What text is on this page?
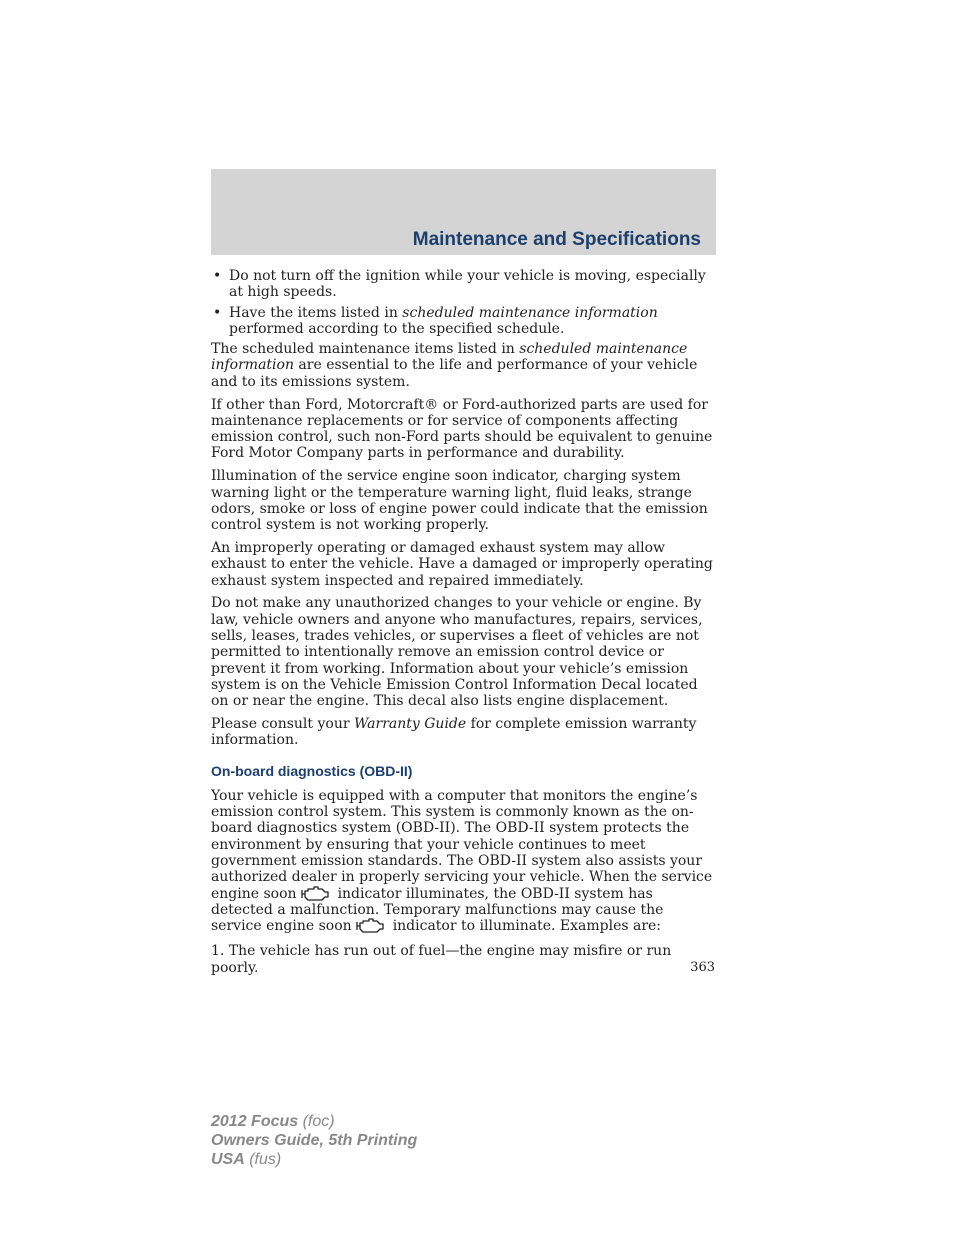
Maintenance and Specifications
• Do not turn off the ignition while your vehicle is moving, especially at high speeds.
• Have the items listed in scheduled maintenance information performed according to the specified schedule.

The scheduled maintenance items listed in scheduled maintenance information are essential to the life and performance of your vehicle and to its emissions system.

If other than Ford, Motorcraft® or Ford-authorized parts are used for maintenance replacements or for service of components affecting emission control, such non-Ford parts should be equivalent to genuine Ford Motor Company parts in performance and durability.

Illumination of the service engine soon indicator, charging system warning light or the temperature warning light, fluid leaks, strange odors, smoke or loss of engine power could indicate that the emission control system is not working properly.

An improperly operating or damaged exhaust system may allow exhaust to enter the vehicle. Have a damaged or improperly operating exhaust system inspected and repaired immediately.

Do not make any unauthorized changes to your vehicle or engine. By law, vehicle owners and anyone who manufactures, repairs, services, sells, leases, trades vehicles, or supervises a fleet of vehicles are not permitted to intentionally remove an emission control device or prevent it from working. Information about your vehicle’s emission system is on the Vehicle Emission Control Information Decal located on or near the engine. This decal also lists engine displacement.

Please consult your Warranty Guide for complete emission warranty information.

On-board diagnostics (OBD-II)

Your vehicle is equipped with a computer that monitors the engine’s emission control system. This system is commonly known as the on-board diagnostics system (OBD-II). The OBD-II system protects the environment by ensuring that your vehicle continues to meet government emission standards. The OBD-II system also assists your authorized dealer in properly servicing your vehicle. When the service engine soon	indicator illuminates, the OBD-II system has detected a malfunction. Temporary malfunctions may cause the service engine soon	indicator to illuminate. Examples are:

1. The vehicle has run out of fuel—the engine may misfire or run poorly.	363
2012 Focus (foc)
Owners Guide, 5th Printing
USA (fus)
